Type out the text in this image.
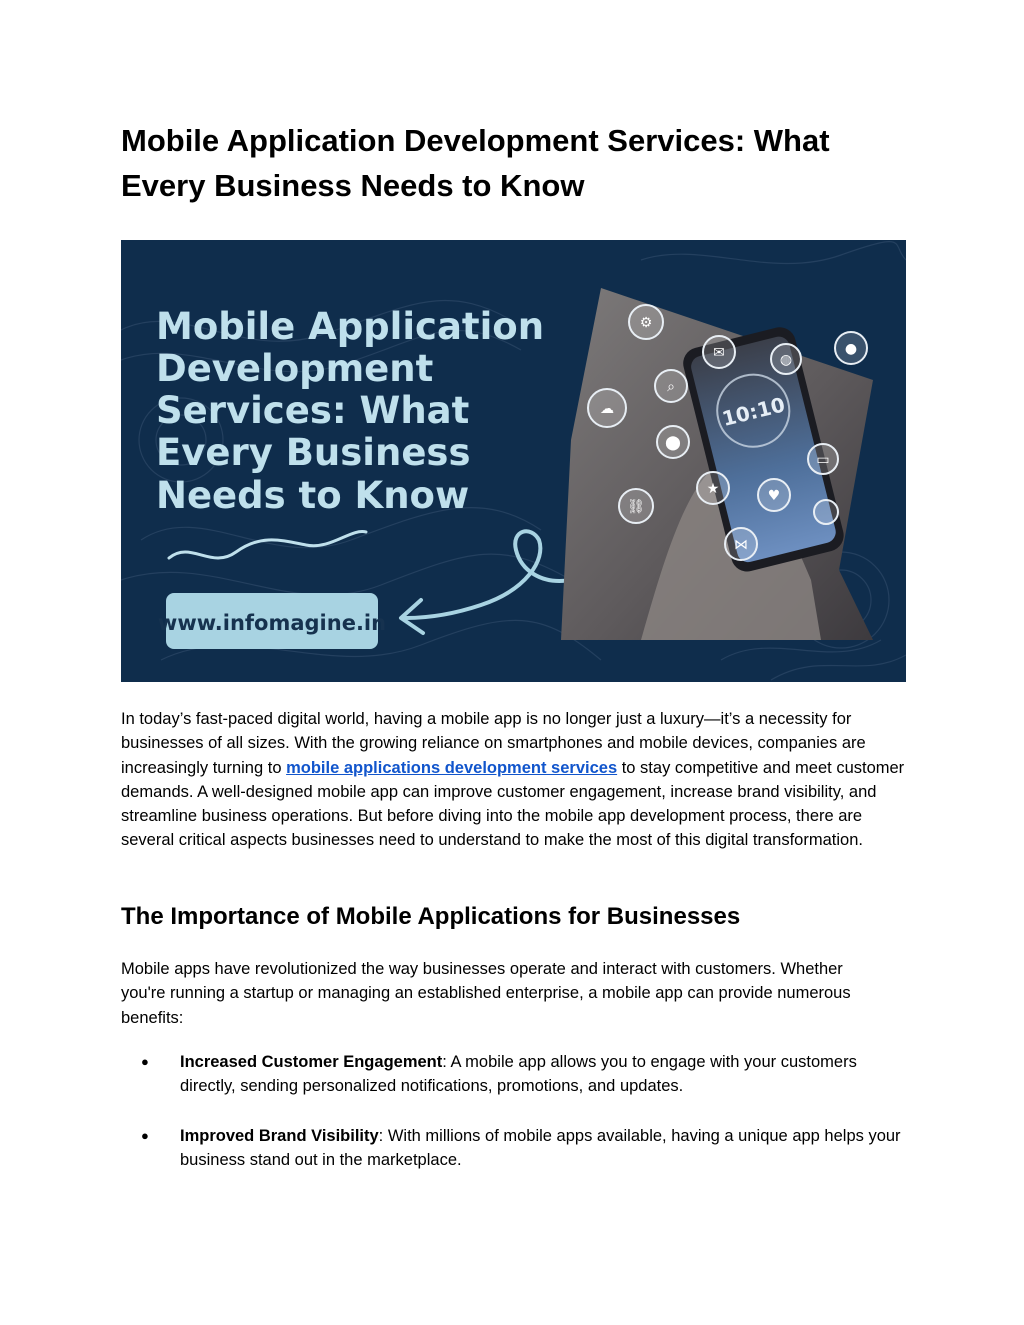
Mobile Application Development Services: What Every Business Needs to Know
Mobile Application
Development
Services: What
Every Business
Needs to Know
www.infomagine.in
10:10
⚙
✉	◍
●
⌕
☁
⬤
▭
★	♥
⛓
⋈

In today’s fast-paced digital world, having a mobile app is no longer just a luxury—it’s a necessity for businesses of all sizes. With the growing reliance on smartphones and mobile devices, companies are increasingly turning to mobile applications development services to stay competitive and meet customer demands. A well-designed mobile app can improve customer engagement, increase brand visibility, and streamline business operations. But before diving into the mobile app development process, there are several critical aspects businesses need to understand to make the most of this digital transformation.

The Importance of Mobile Applications for Businesses

Mobile apps have revolutionized the way businesses operate and interact with customers. Whether you're running a startup or managing an established enterprise, a mobile app can provide numerous benefits:

● Increased Customer Engagement: A mobile app allows you to engage with your customers directly, sending personalized notifications, promotions, and updates.
● Improved Brand Visibility: With millions of mobile apps available, having a unique app helps your business stand out in the marketplace.
